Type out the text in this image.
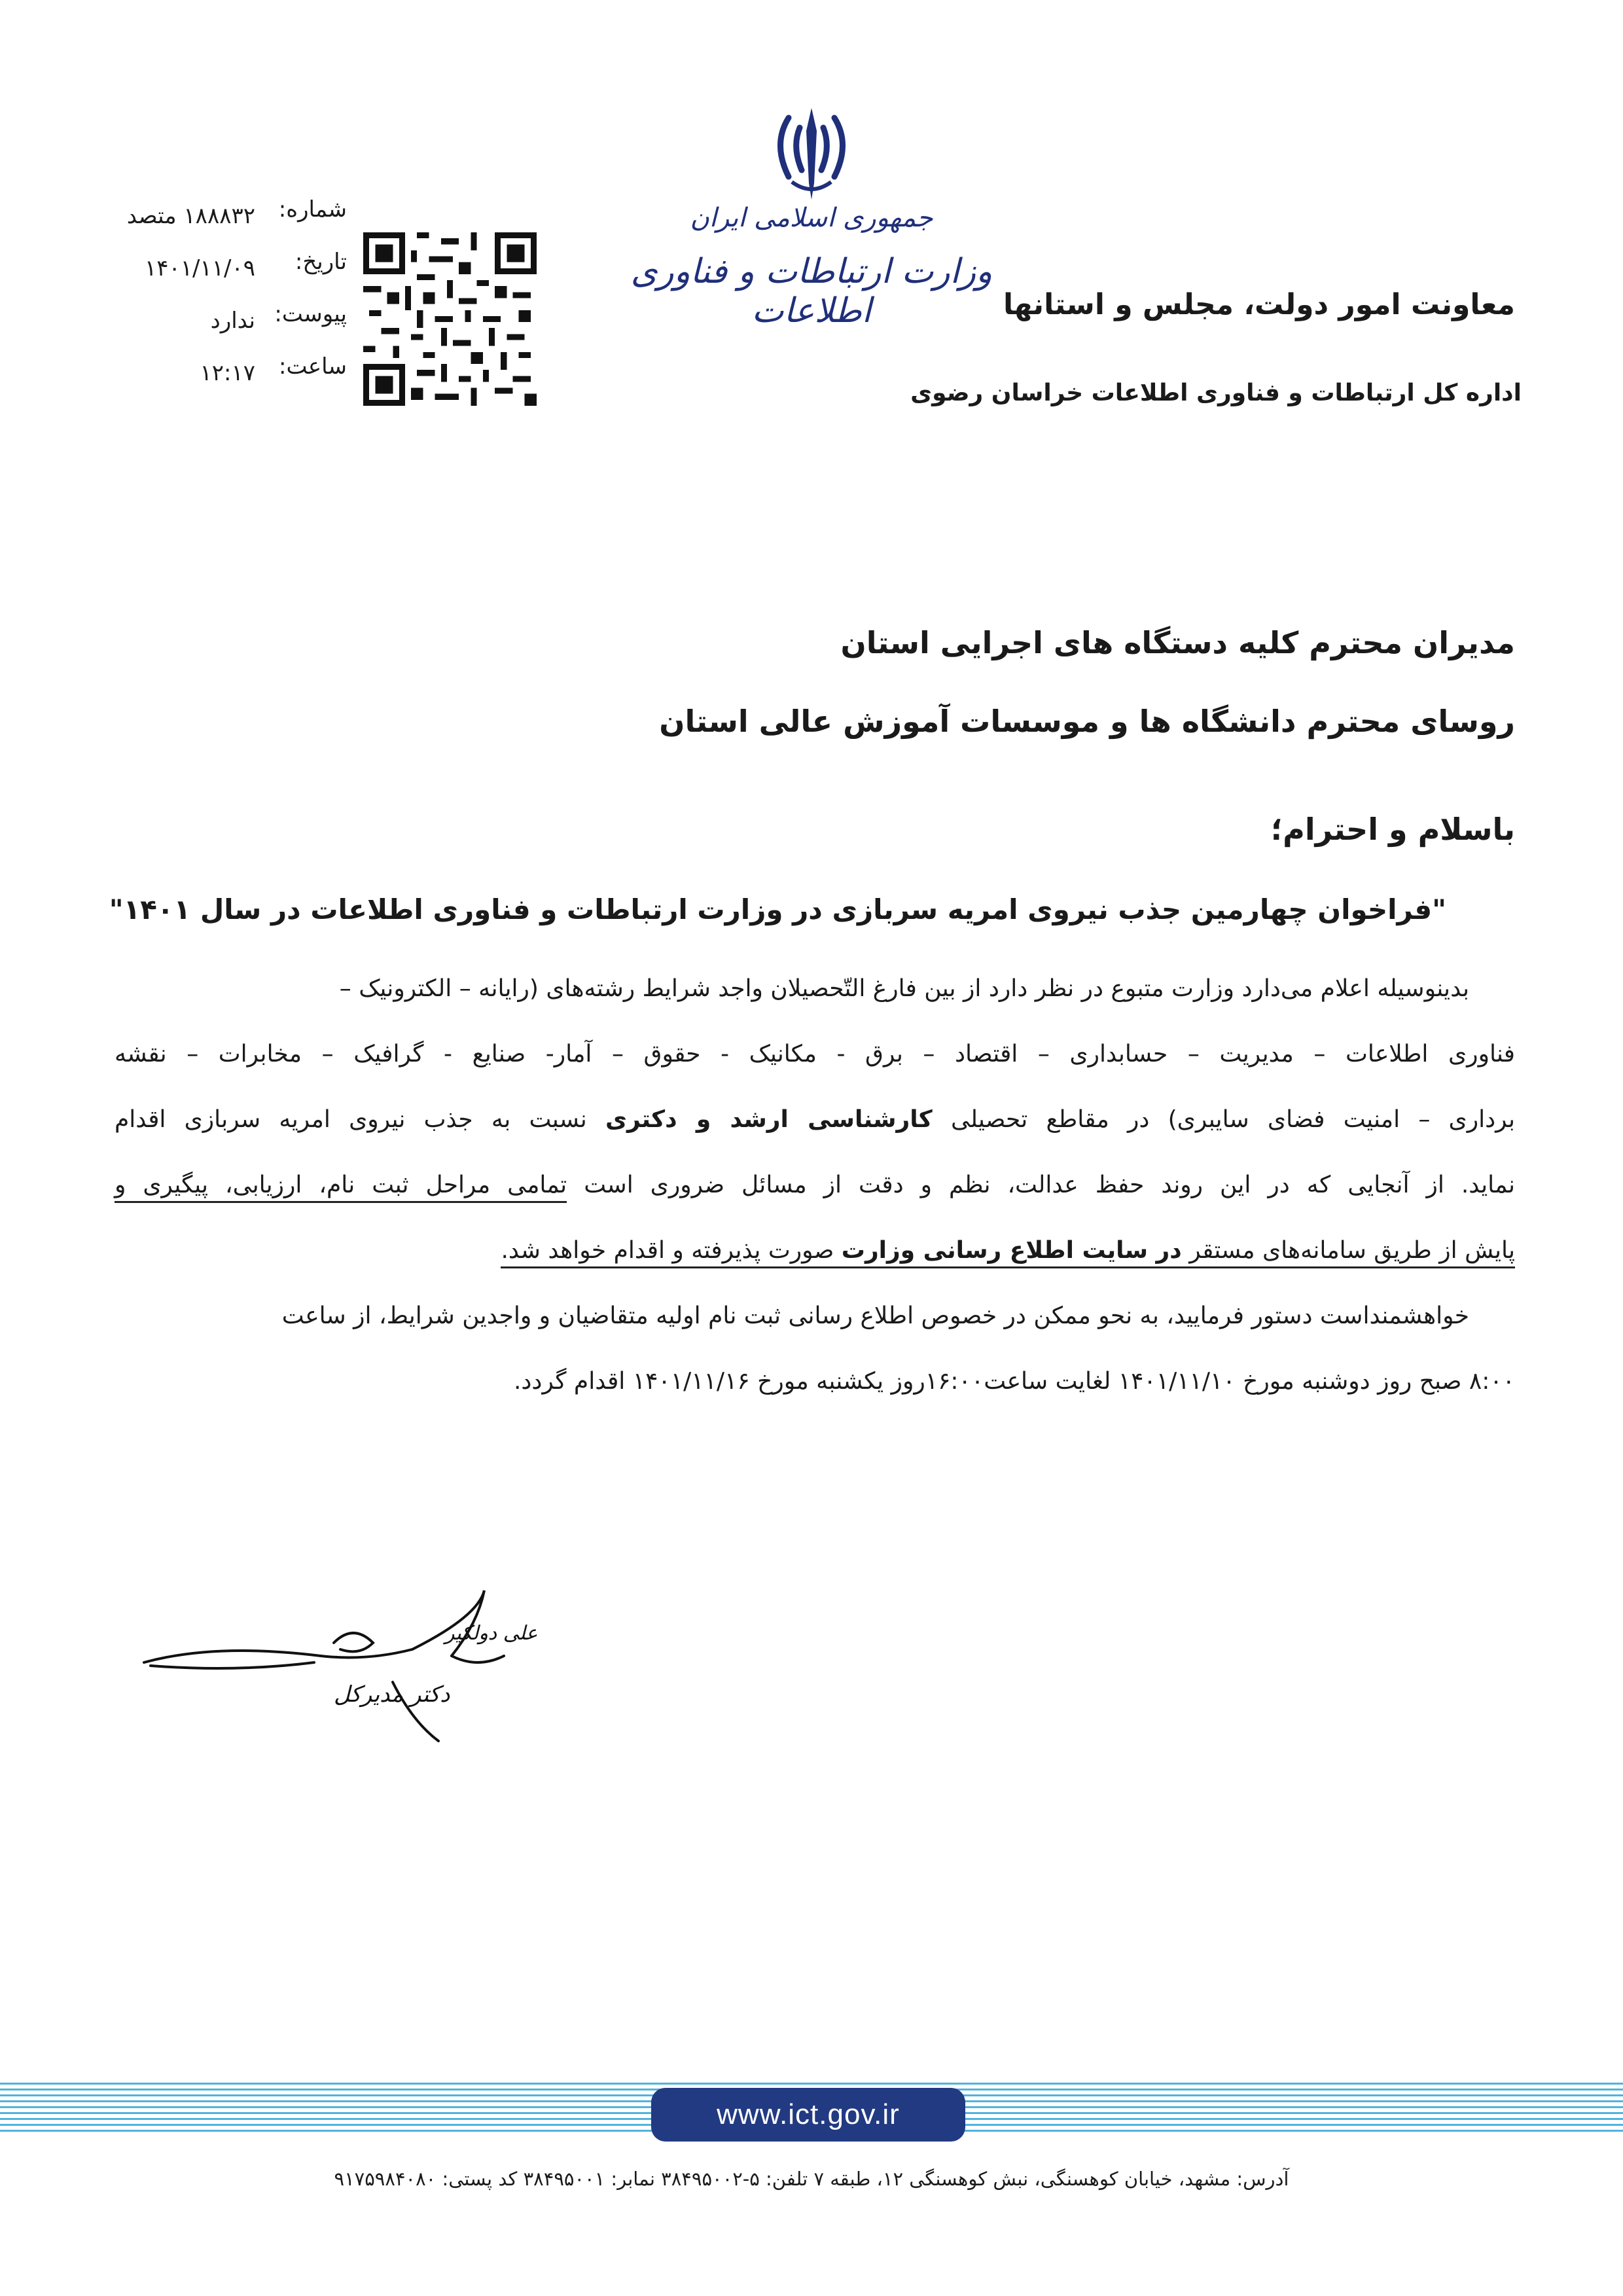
جمهوری اسلامی ایران
وزارت ارتباطات و فناوری اطلاعات	معاونت امور دولت، مجلس و استانها
اداره کل ارتباطات و فناوری اطلاعات خراسان رضوی
شماره:
۱۸۸۸۳۲ متصد
تاریخ:
۱۴۰۱/۱۱/۰۹
پیوست:
ندارد
ساعت:
۱۲:۱۷
مدیران محترم کلیه دستگاه های اجرایی استان
روسای محترم دانشگاه ها و موسسات آموزش عالی استان
باسلام و احترام؛
"فراخوان چهارمین جذب نیروی امریه سربازی در وزارت ارتباطات و فناوری اطلاعات در سال ۱۴۰۱"
بدینوسیله اعلام می‌دارد وزارت متبوع در نظر دارد از بین فارغ التّحصیلان واجد شرایط رشته‌های (رایانه – الکترونیک –
فناوری اطلاعات – مدیریت – حسابداری – اقتصاد – برق - مکانیک - حقوق – آمار- صنایع - گرافیک – مخابرات – نقشه
برداری – امنیت فضای سایبری) در مقاطع تحصیلی کارشناسی ارشد و دکتری نسبت به جذب نیروی امریه سربازی اقدام
نماید. از آنجایی که در این روند حفظ عدالت، نظم و دقت از مسائل ضروری است تمامی مراحل ثبت نام، ارزیابی، پیگیری و
پایش از طریق سامانه‌های مستقر در سایت اطلاع رسانی وزارت صورت پذیرفته و اقدام خواهد شد.
خواهشمنداست دستور فرمایید، به نحو ممکن در خصوص اطلاع رسانی ثبت نام اولیه متقاضیان و واجدین شرایط، از ساعت
۸:۰۰ صبح روز دوشنبه مورخ ۱۴۰۱/۱۱/۱۰ لغایت ساعت۱۶:۰۰روز یکشنبه مورخ ۱۴۰۱/۱۱/۱۶ اقدام گردد.
علی دولکیر
دکتر مدیرکل
www.ict.gov.ir
آدرس: مشهد، خیابان کوهسنگی، نبش کوهسنگی ۱۲، طبقه ۷ تلفن: ۵-۳۸۴۹۵۰۰۲ نمابر: ۳۸۴۹۵۰۰۱ کد پستی: ۹۱۷۵۹۸۴۰۸۰
